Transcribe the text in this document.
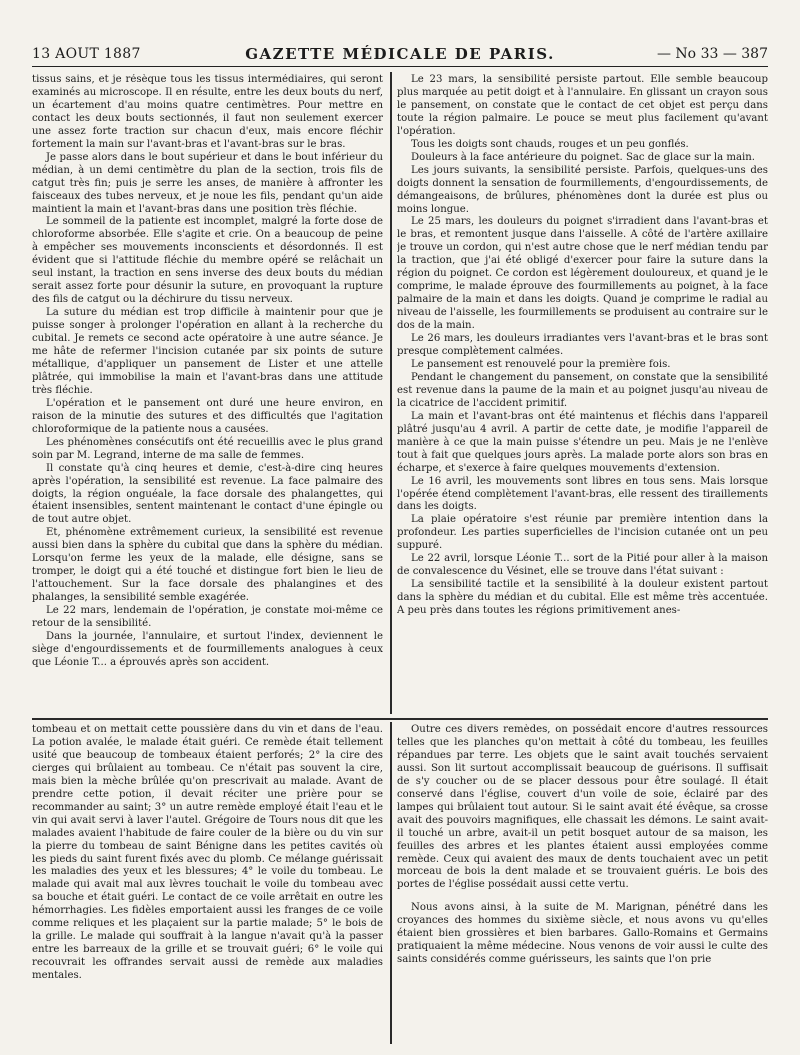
13 AOUT 1887	GAZETTE MÉDICALE DE PARIS.	— No 33 — 387

tissus sains, et je résèque tous les tissus intermédiaires, qui seront examinés au microscope. Il en résulte, entre les deux bouts du nerf, un écartement d'au moins quatre centimètres. Pour mettre en contact les deux bouts sectionnés, il faut non seulement exercer une assez forte traction sur chacun d'eux, mais encore fléchir fortement la main sur l'avant-bras et l'avant-bras sur le bras.

Je passe alors dans le bout supérieur et dans le bout inférieur du médian, à un demi centimètre du plan de la section, trois fils de catgut très fin; puis je serre les anses, de manière à affronter les faisceaux des tubes nerveux, et je noue les fils, pendant qu'un aide maintient la main et l'avant-bras dans une position très fléchie.

Le sommeil de la patiente est incomplet, malgré la forte dose de chloroforme absorbée. Elle s'agite et crie. On a beaucoup de peine à empêcher ses mouvements inconscients et désordonnés. Il est évident que si l'attitude fléchie du membre opéré se relâchait un seul instant, la traction en sens inverse des deux bouts du médian serait assez forte pour désunir la suture, en provoquant la rupture des fils de catgut ou la déchirure du tissu nerveux.

La suture du médian est trop difficile à maintenir pour que je puisse songer à prolonger l'opération en allant à la recherche du cubital. Je remets ce second acte opératoire à une autre séance. Je me hâte de refermer l'incision cutanée par six points de suture métallique, d'appliquer un pansement de Lister et une attelle plâtrée, qui immobilise la main et l'avant-bras dans une attitude très fléchie.

L'opération et le pansement ont duré une heure environ, en raison de la minutie des sutures et des difficultés que l'agitation chloroformique de la patiente nous a causées.

Les phénomènes consécutifs ont été recueillis avec le plus grand soin par M. Legrand, interne de ma salle de femmes.

Il constate qu'à cinq heures et demie, c'est-à-dire cinq heures après l'opération, la sensibilité est revenue. La face palmaire des doigts, la région onguéale, la face dorsale des phalangettes, qui étaient insensibles, sentent maintenant le contact d'une épingle ou de tout autre objet.

Et, phénomène extrêmement curieux, la sensibilité est revenue aussi bien dans la sphère du cubital que dans la sphère du médian. Lorsqu'on ferme les yeux de la malade, elle désigne, sans se tromper, le doigt qui a été touché et distingue fort bien le lieu de l'attouchement. Sur la face dorsale des phalangines et des phalanges, la sensibilité semble exagérée.

Le 22 mars, lendemain de l'opération, je constate moi-même ce retour de la sensibilité.

Dans la journée, l'annulaire, et surtout l'index, deviennent le siège d'engourdissements et de fourmillements analogues à ceux que Léonie T... a éprouvés après son accident.

Le 23 mars, la sensibilité persiste partout. Elle semble beaucoup plus marquée au petit doigt et à l'annulaire. En glissant un crayon sous le pansement, on constate que le contact de cet objet est perçu dans toute la région palmaire. Le pouce se meut plus facilement qu'avant l'opération.

Tous les doigts sont chauds, rouges et un peu gonflés.

Douleurs à la face antérieure du poignet. Sac de glace sur la main.

Les jours suivants, la sensibilité persiste. Parfois, quelques-uns des doigts donnent la sensation de fourmillements, d'engourdissements, de démangeaisons, de brûlures, phénomènes dont la durée est plus ou moins longue.

Le 25 mars, les douleurs du poignet s'irradient dans l'avant-bras et le bras, et remontent jusque dans l'aisselle. A côté de l'artère axillaire je trouve un cordon, qui n'est autre chose que le nerf médian tendu par la traction, que j'ai été obligé d'exercer pour faire la suture dans la région du poignet. Ce cordon est légèrement douloureux, et quand je le comprime, le malade éprouve des fourmillements au poignet, à la face palmaire de la main et dans les doigts. Quand je comprime le radial au niveau de l'aisselle, les fourmillements se produisent au contraire sur le dos de la main.

Le 26 mars, les douleurs irradiantes vers l'avant-bras et le bras sont presque complètement calmées.

Le pansement est renouvelé pour la première fois.

Pendant le changement du pansement, on constate que la sensibilité est revenue dans la paume de la main et au poignet jusqu'au niveau de la cicatrice de l'accident primitif.

La main et l'avant-bras ont été maintenus et fléchis dans l'appareil plâtré jusqu'au 4 avril. A partir de cette date, je modifie l'appareil de manière à ce que la main puisse s'étendre un peu. Mais je ne l'enlève tout à fait que quelques jours après. La malade porte alors son bras en écharpe, et s'exerce à faire quelques mouvements d'extension.

Le 16 avril, les mouvements sont libres en tous sens. Mais lorsque l'opérée étend complètement l'avant-bras, elle ressent des tiraillements dans les doigts.

La plaie opératoire s'est réunie par première intention dans la profondeur. Les parties superficielles de l'incision cutanée ont un peu suppuré.

Le 22 avril, lorsque Léonie T... sort de la Pitié pour aller à la maison de convalescence du Vésinet, elle se trouve dans l'état suivant :

La sensibilité tactile et la sensibilité à la douleur existent partout dans la sphère du médian et du cubital. Elle est même très accentuée. A peu près dans toutes les régions primitivement anes-

tombeau et on mettait cette poussière dans du vin et dans de l'eau. La potion avalée, le malade était guéri. Ce remède était tellement usité que beaucoup de tombeaux étaient perforés; 2° la cire des cierges qui brûlaient au tombeau. Ce n'était pas souvent la cire, mais bien la mèche brûlée qu'on prescrivait au malade. Avant de prendre cette potion, il devait réciter une prière pour se recommander au saint; 3° un autre remède employé était l'eau et le vin qui avait servi à laver l'autel. Grégoire de Tours nous dit que les malades avaient l'habitude de faire couler de la bière ou du vin sur la pierre du tombeau de saint Bénigne dans les petites cavités où les pieds du saint furent fixés avec du plomb. Ce mélange guérissait les maladies des yeux et les blessures; 4° le voile du tombeau. Le malade qui avait mal aux lèvres touchait le voile du tombeau avec sa bouche et était guéri. Le contact de ce voile arrêtait en outre les hémorrhagies. Les fidèles emportaient aussi les franges de ce voile comme reliques et les plaçaient sur la partie malade; 5° le bois de la grille. Le malade qui souffrait à la langue n'avait qu'à la passer entre les barreaux de la grille et se trouvait guéri; 6° le voile qui recouvrait les offrandes servait aussi de remède aux maladies mentales.

Outre ces divers remèdes, on possédait encore d'autres ressources telles que les planches qu'on mettait à côté du tombeau, les feuilles répandues par terre. Les objets que le saint avait touchés servaient aussi. Son lit surtout accomplissait beaucoup de guérisons. Il suffisait de s'y coucher ou de se placer dessous pour être soulagé. Il était conservé dans l'église, couvert d'un voile de soie, éclairé par des lampes qui brûlaient tout autour. Si le saint avait été évêque, sa crosse avait des pouvoirs magnifiques, elle chassait les démons. Le saint avait-il touché un arbre, avait-il un petit bosquet autour de sa maison, les feuilles des arbres et les plantes étaient aussi employées comme remède. Ceux qui avaient des maux de dents touchaient avec un petit morceau de bois la dent malade et se trouvaient guéris. Le bois des portes de l'église possédait aussi cette vertu.

Nous avons ainsi, à la suite de M. Marignan, pénétré dans les croyances des hommes du sixième siècle, et nous avons vu qu'elles étaient bien grossières et bien barbares. Gallo-Romains et Germains pratiquaient la même médecine. Nous venons de voir aussi le culte des saints considérés comme guérisseurs, les saints que l'on prie
